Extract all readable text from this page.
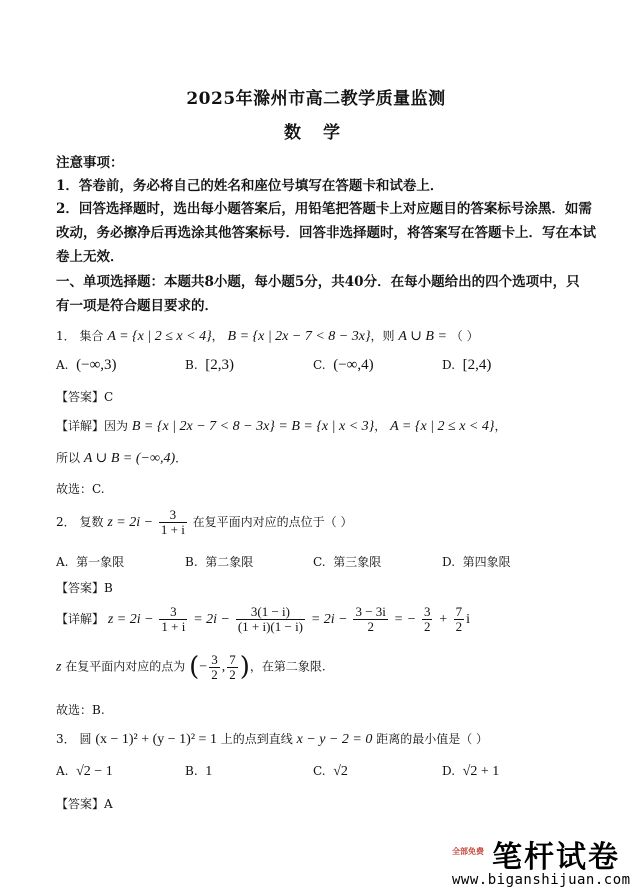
2025年滁州市高二教学质量监测
数 学
注意事项：
1．答卷前，务必将自己的姓名和座位号填写在答题卡和试卷上．
2．回答选择题时，选出每小题答案后，用铅笔把答题卡上对应题目的答案标号涂黑．如需
改动，务必擦净后再选涂其他答案标号．回答非选择题时，将答案写在答题卡上．写在本试
卷上无效．
一、单项选择题：本题共8小题，每小题5分，共40分．在每小题给出的四个选项中，只
有一项是符合题目要求的．
1． 集合 A = {x | 2 ≤ x < 4}， B = {x | 2x − 7 < 8 − 3x}，则 A ∪ B = （ ）
A. (−∞,3)	B. [2,3)	C. (−∞,4)	D. [2,4)
【答案】C
【详解】因为 B = {x | 2x − 7 < 8 − 3x} = B = {x | x < 3}， A = {x | 2 ≤ x < 4}，
所以 A ∪ B = (−∞,4)．
故选：C.
2． 复数 $z = 2i - \frac{3}{1 + i}$ 在复平面内对应的点位于（ ）
A. 第一象限	B. 第二象限	C. 第三象限	D. 第四象限
【答案】B
【详解】 $z = 2i - \frac{3}{1 + i} = 2i - \frac{3(1 - i)}{(1 + i)(1 - i)} = 2i - \frac{3 - 3i}{2}$ = − $\frac{3}{2} + \frac{7}{2}$ i
z 在复平面内对应的点为 (− $\frac{3}{2}$ , $\frac{7}{2}$ )，在第二象限.
故选：B.
3． 圆 (x − 1)² + (y − 1)² = 1 上的点到直线 x − y − 2 = 0 距离的最小值是（ ）
A. √2 − 1	B. 1	C. √2	D. √2 + 1
【答案】A
全部免费 笔杆试卷
www.biganshijuan.com
